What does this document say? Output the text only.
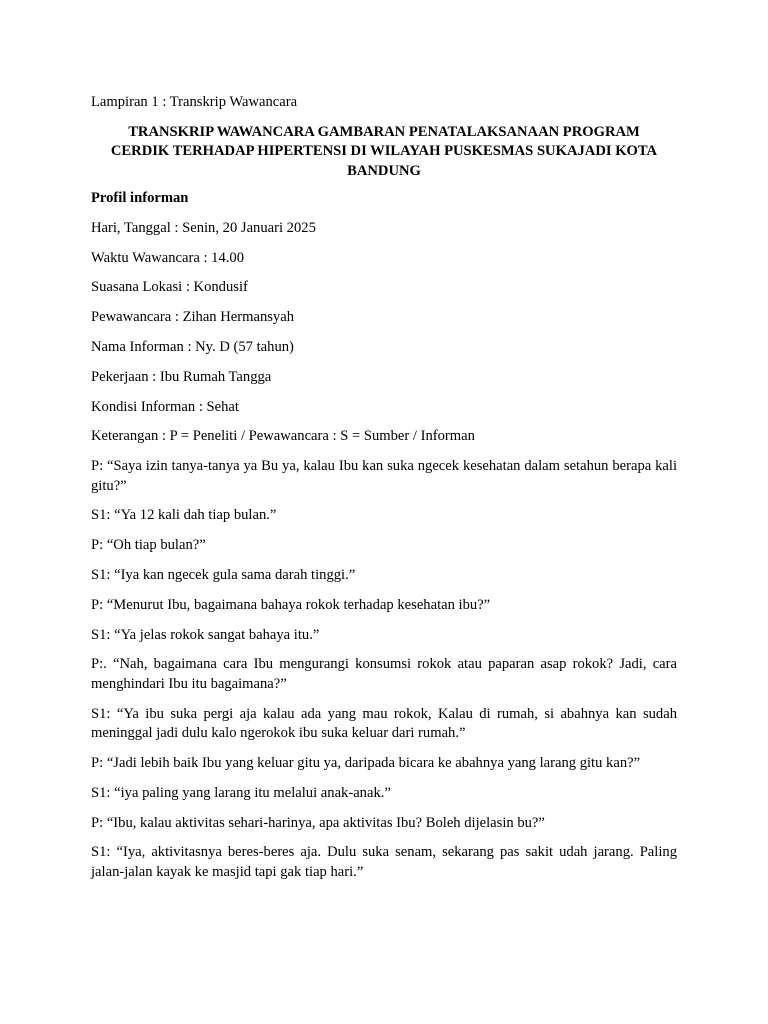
Lampiran 1 : Transkrip Wawancara

TRANSKRIP WAWANCARA GAMBARAN PENATALAKSANAAN PROGRAM
CERDIK TERHADAP HIPERTENSI DI WILAYAH PUSKESMAS SUKAJADI KOTA
BANDUNG

Profil informan

Hari, Tanggal : Senin, 20 Januari 2025

Waktu Wawancara : 14.00

Suasana Lokasi : Kondusif

Pewawancara : Zihan Hermansyah

Nama Informan : Ny. D (57 tahun)

Pekerjaan : Ibu Rumah Tangga

Kondisi Informan : Sehat

Keterangan : P = Peneliti / Pewawancara : S = Sumber / Informan

P: “Saya izin tanya-tanya ya Bu ya, kalau Ibu kan suka ngecek kesehatan dalam setahun berapa kali gitu?”

S1: “Ya 12 kali dah tiap bulan.”

P: “Oh tiap bulan?”

S1: “Iya kan ngecek gula sama darah tinggi.”

P: “Menurut Ibu, bagaimana bahaya rokok terhadap kesehatan ibu?”

S1: “Ya jelas rokok sangat bahaya itu.”

P:. “Nah, bagaimana cara Ibu mengurangi konsumsi rokok atau paparan asap rokok? Jadi, cara menghindari Ibu itu bagaimana?”

S1: “Ya ibu suka pergi aja kalau ada yang mau rokok, Kalau di rumah, si abahnya kan sudah meninggal jadi dulu kalo ngerokok ibu suka keluar dari rumah.”

P: “Jadi lebih baik Ibu yang keluar gitu ya, daripada bicara ke abahnya yang larang gitu kan?”

S1: “iya paling yang larang itu melalui anak-anak.”

P: “Ibu, kalau aktivitas sehari-harinya, apa aktivitas Ibu? Boleh dijelasin bu?”

S1: “Iya, aktivitasnya beres-beres aja. Dulu suka senam, sekarang pas sakit udah jarang. Paling jalan-jalan kayak ke masjid tapi gak tiap hari.”
